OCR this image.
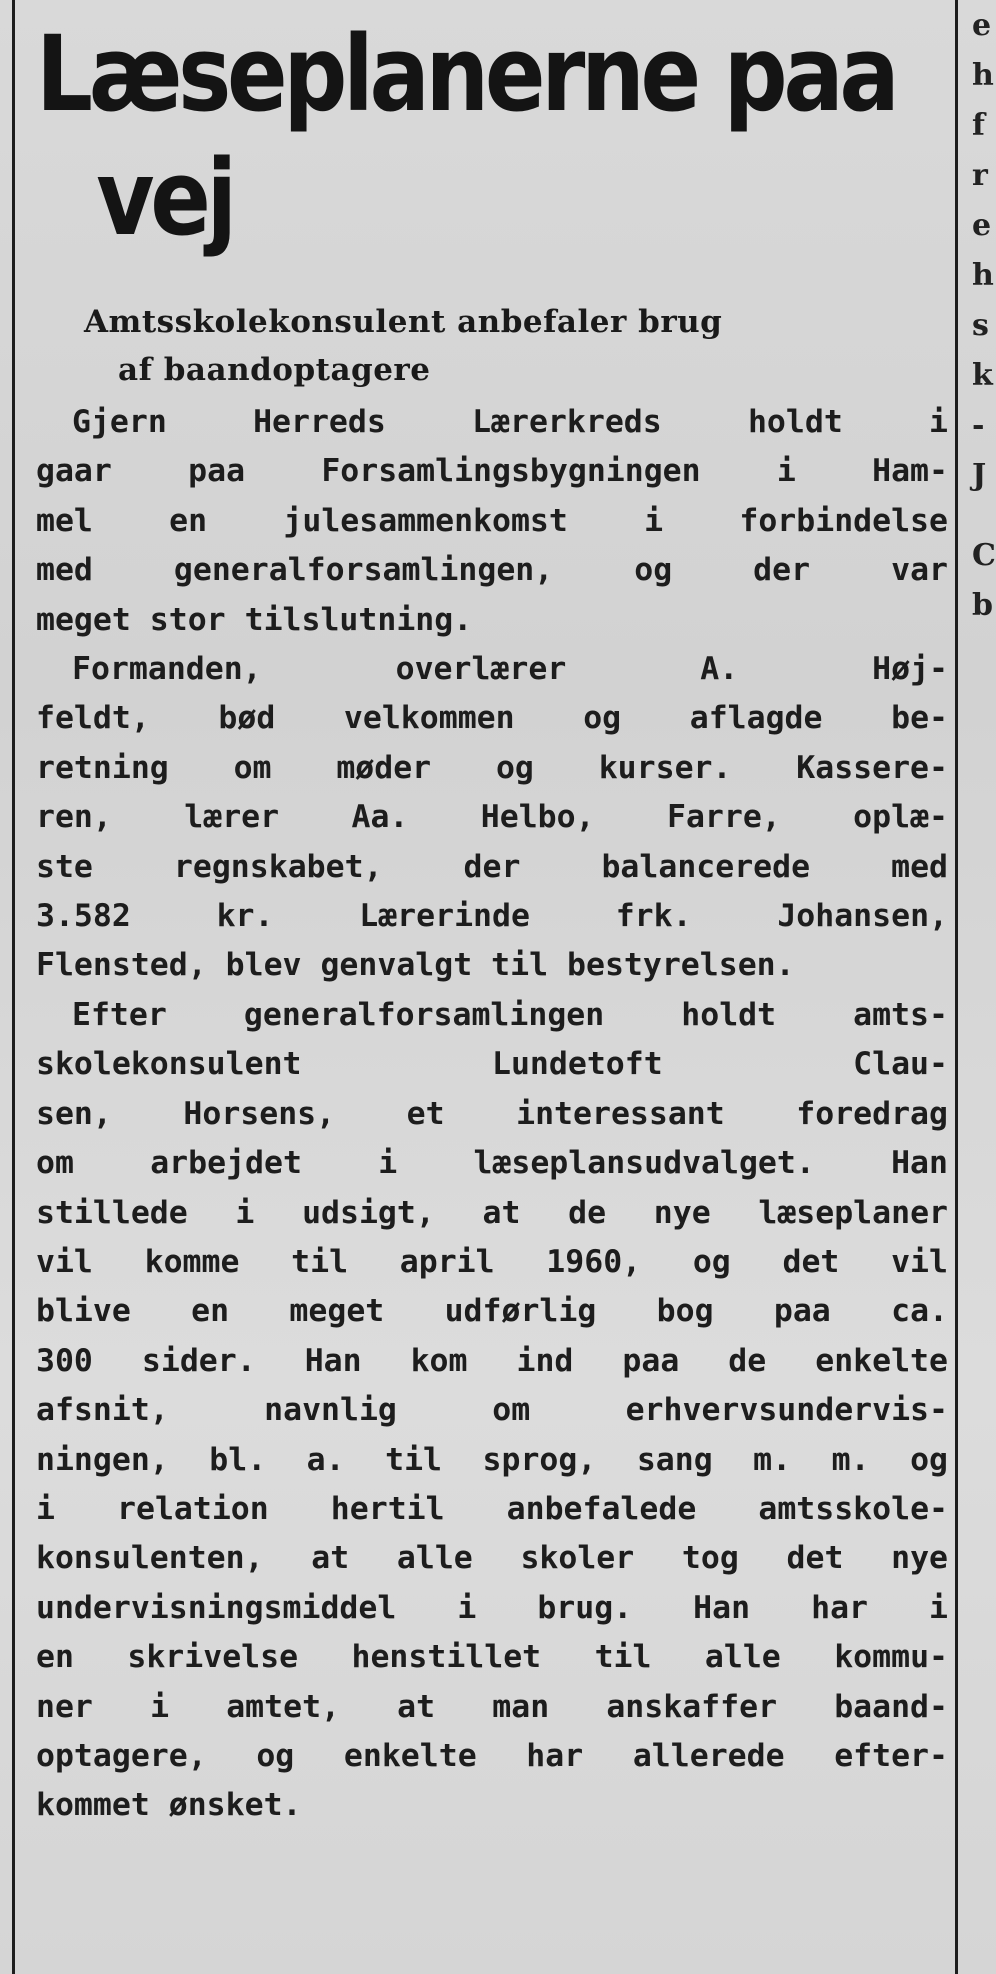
Læseplanerne paa
vej
Amtsskolekonsulent anbefaler brug
af baandoptagere
Gjern Herreds Lærerkreds holdt i
gaar paa Forsamlingsbygningen i Ham-
mel en julesammenkomst i forbindelse
med generalforsamlingen, og der var
meget stor tilslutning.
Formanden, overlærer A. Høj-
feldt, bød velkommen og aflagde be-
retning om møder og kurser. Kassere-
ren, lærer Aa. Helbo, Farre, oplæ-
ste regnskabet, der balancerede med
3.582 kr. Lærerinde frk. Johansen,
Flensted, blev genvalgt til bestyrelsen.
Efter generalforsamlingen holdt amts-
skolekonsulent Lundetoft Clau-
sen, Horsens, et interessant foredrag
om arbejdet i læseplansudvalget. Han
stillede i udsigt, at de nye læseplaner
vil komme til april 1960, og det vil
blive en meget udførlig bog paa ca.
300 sider. Han kom ind paa de enkelte
afsnit, navnlig om erhvervsundervis-
ningen, bl. a. til sprog, sang m. m. og
i relation hertil anbefalede amtsskole-
konsulenten, at alle skoler tog det nye
undervisningsmiddel i brug. Han har i
en skrivelse henstillet til alle kommu-
ner i amtet, at man anskaffer baand-
optagere, og enkelte har allerede efter-
kommet ønsket.
e
h
f
r
e
h
s
k
-
J
C
b
